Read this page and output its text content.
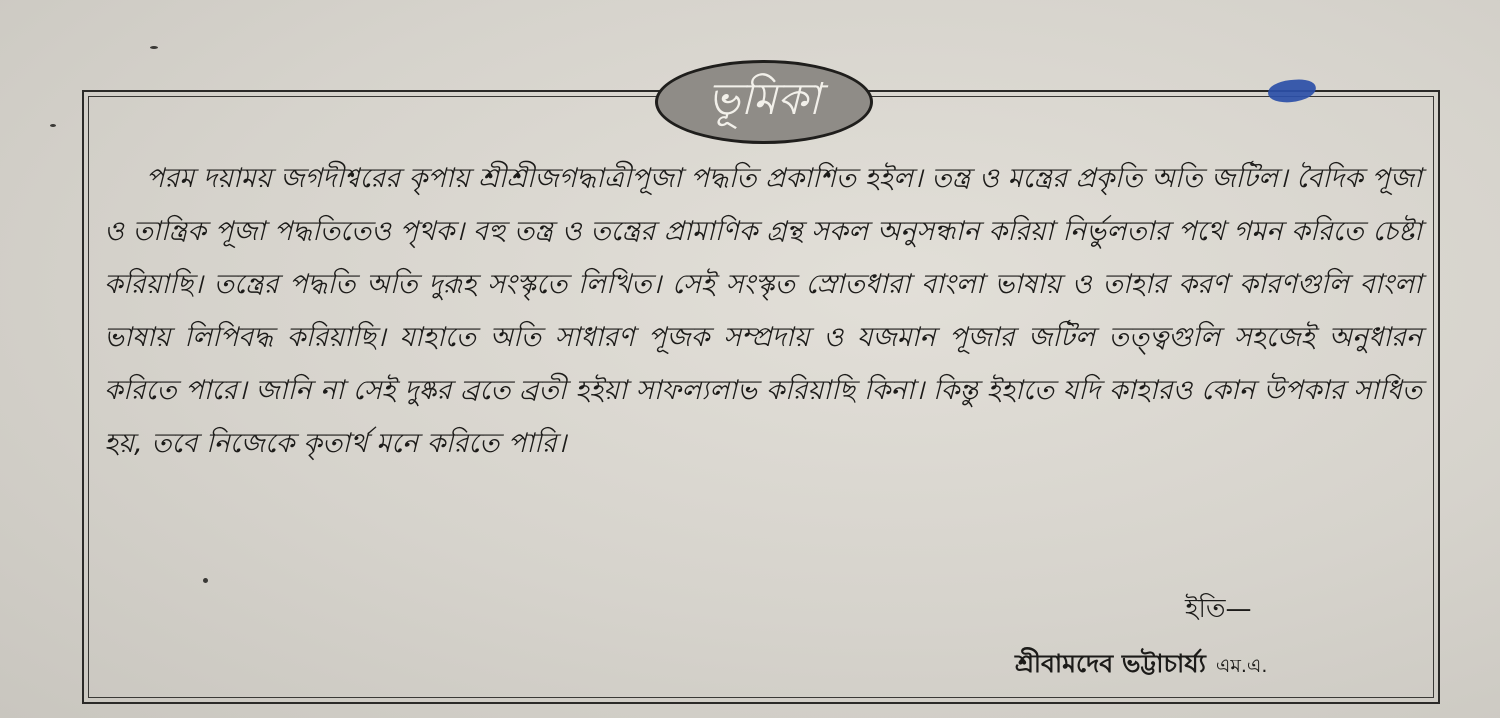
ভূমিকা

পরম দয়াময় জগদীশ্বরের কৃপায় শ্রীশ্রীজগদ্ধাত্রীপূজা পদ্ধতি প্রকাশিত হইল। তন্ত্র ও মন্ত্রের প্রকৃতি অতি জটিল। বৈদিক পূজা ও তান্ত্রিক পূজা পদ্ধতিতেও পৃথক। বহু তন্ত্র ও তন্ত্রের প্রামাণিক গ্রন্থ সকল অনুসন্ধান করিয়া নির্ভুলতার পথে গমন করিতে চেষ্টা করিয়াছি। তন্ত্রের পদ্ধতি অতি দুরূহ সংস্কৃতে লিখিত। সেই সংস্কৃত স্রোতধারা বাংলা ভাষায় ও তাহার করণ কারণগুলি বাংলা ভাষায় লিপিবদ্ধ করিয়াছি। যাহাতে অতি সাধারণ পূজক সম্প্রদায় ও যজমান পূজার জটিল তত্ত্বগুলি সহজেই অনুধারন করিতে পারে। জানি না সেই দুষ্কর ব্রতে ব্রতী হইয়া সাফল্যলাভ করিয়াছি কিনা। কিন্তু ইহাতে যদি কাহারও কোন উপকার সাধিত হয়, তবে নিজেকে কৃতার্থ মনে করিতে পারি।

ইতি—
শ্রীবামদেব ভট্টাচার্য্য এম.এ.
